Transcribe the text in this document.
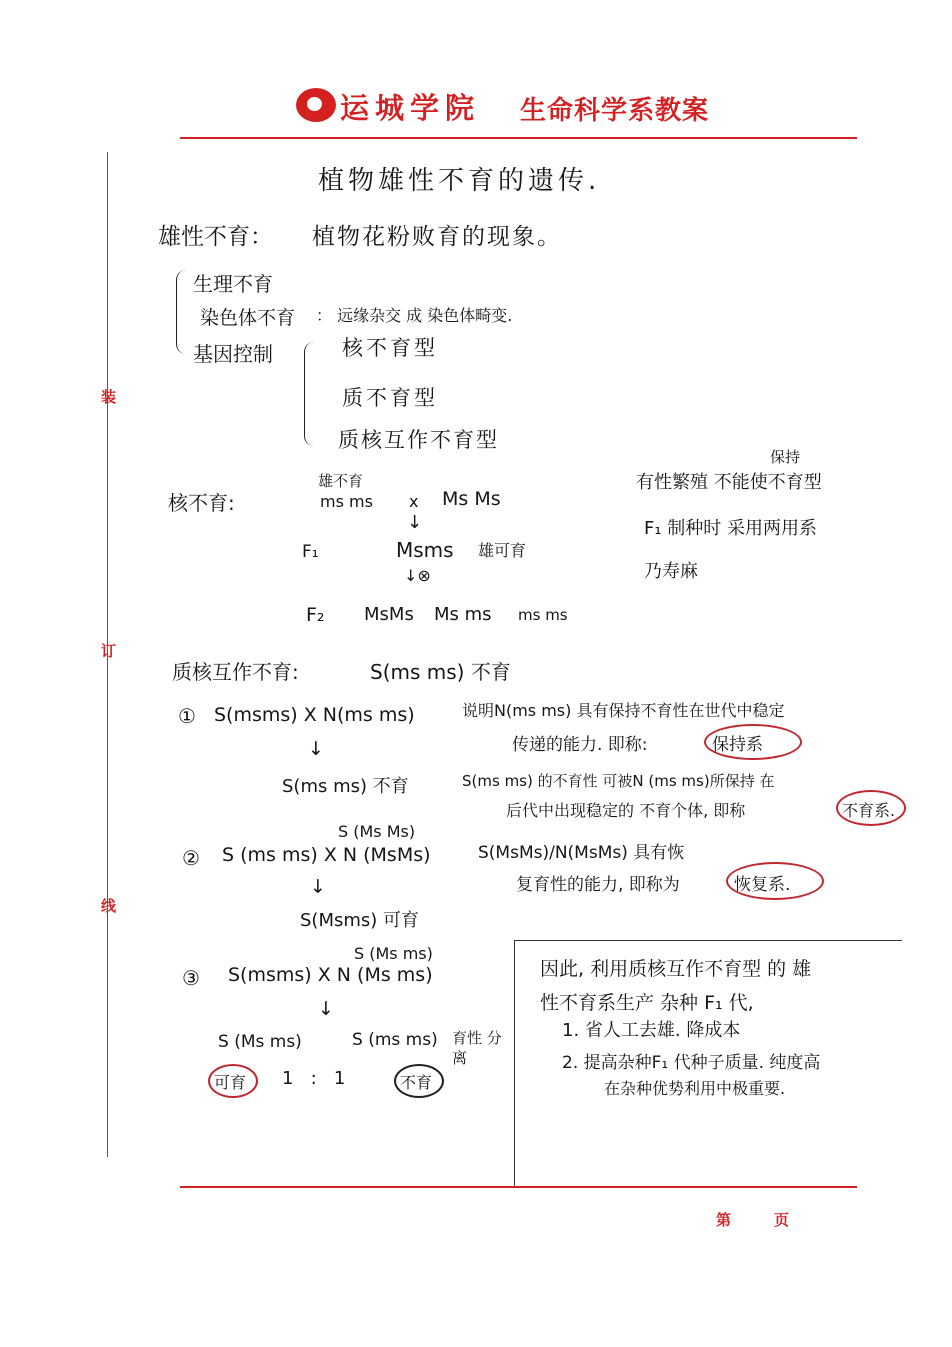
运城学院 生命科学系教案
装
订
线
植物雄性不育的遗传.
雄性不育： 植物花粉败育的现象。
生理不育
染色体不育 ： 远缘杂交 成 染色体畸变.
基因控制	核不育型
质不育型
质核互作不育型
核不育:
雄不育
ms ms x Ms Ms
↓
F₁	Msms 雄可育
↓⊗
F₂ MsMs Ms ms ms ms
保持
有性繁殖 不能使不育型
F₁ 制种时 采用两用系
乃寿麻
质核互作不育:	S(ms ms) 不育
① S(msms) X N(ms ms)
↓
S(ms ms) 不育
说明N(ms ms) 具有保持不育性在世代中稳定
传递的能力. 即称:	保持系
S(ms ms) 的不育性 可被N (ms ms)所保持 在
后代中出现稳定的 不育个体, 即称	不育系.
②
S (Ms Ms)
S (ms ms) X N (MsMs)
↓
S(Msms) 可育
S(MsMs)/N(MsMs) 具有恢
复育性的能力, 即称为	恢复系.
③
S (Ms ms)
S(msms) X N (Ms ms)
↓
S (Ms ms)	S (ms ms) 育性 分离
可育 1   :   1	不育
因此, 利用质核互作不育型 的 雄
性不育系生产 杂种 F₁ 代,
1. 省人工去雄. 降成本
2. 提高杂种F₁ 代种子质量. 纯度高
在杂种优势利用中极重要.
第	页
